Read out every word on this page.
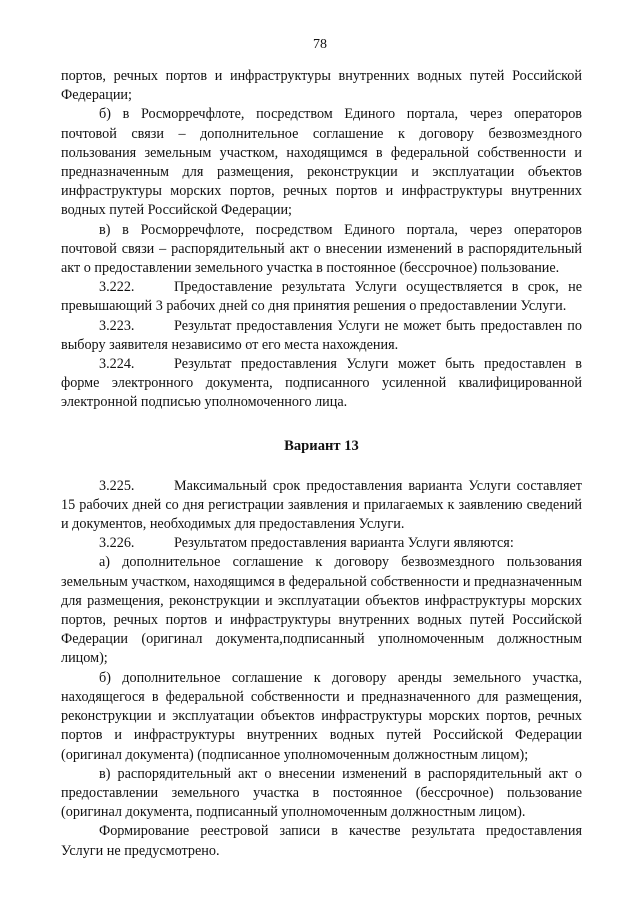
78

портов, речных портов и инфраструктуры внутренних водных путей Российской Федерации;

б) в Росморречфлоте, посредством Единого портала, через операторов почтовой связи – дополнительное соглашение к договору безвозмездного пользования земельным участком, находящимся в федеральной собственности и предназначенным для размещения, реконструкции и эксплуатации объектов инфраструктуры морских портов, речных портов и инфраструктуры внутренних водных путей Российской Федерации;

в) в Росморречфлоте, посредством Единого портала, через операторов почтовой связи – распорядительный акт о внесении изменений в распорядительный акт о предоставлении земельного участка в постоянное (бессрочное) пользование.

3.222.	Предоставление результата Услуги осуществляется в срок, не превышающий 3 рабочих дней со дня принятия решения о предоставлении Услуги.

3.223.	Результат предоставления Услуги не может быть предоставлен по выбору заявителя независимо от его места нахождения.

3.224.	Результат предоставления Услуги может быть предоставлен в форме электронного документа, подписанного усиленной квалифицированной электронной подписью уполномоченного лица.

Вариант 13

3.225.	Максимальный срок предоставления варианта Услуги составляет 15 рабочих дней со дня регистрации заявления и прилагаемых к заявлению сведений и документов, необходимых для предоставления Услуги.

3.226.	Результатом предоставления варианта Услуги являются:

а) дополнительное соглашение к договору безвозмездного пользования земельным участком, находящимся в федеральной собственности и предназначенным для размещения, реконструкции и эксплуатации объектов инфраструктуры морских портов, речных портов и инфраструктуры внутренних водных путей Российской Федерации (оригинал документа,подписанный уполномоченным должностным лицом);

б) дополнительное соглашение к договору аренды земельного участка, находящегося в федеральной собственности и предназначенного для размещения, реконструкции и эксплуатации объектов инфраструктуры морских портов, речных портов и инфраструктуры внутренних водных путей Российской Федерации (оригинал документа) (подписанное уполномоченным должностным лицом);

в) распорядительный акт о внесении изменений в распорядительный акт о предоставлении земельного участка в постоянное (бессрочное) пользование (оригинал документа, подписанный уполномоченным должностным лицом).

Формирование реестровой записи в качестве результата предоставления Услуги не предусмотрено.
